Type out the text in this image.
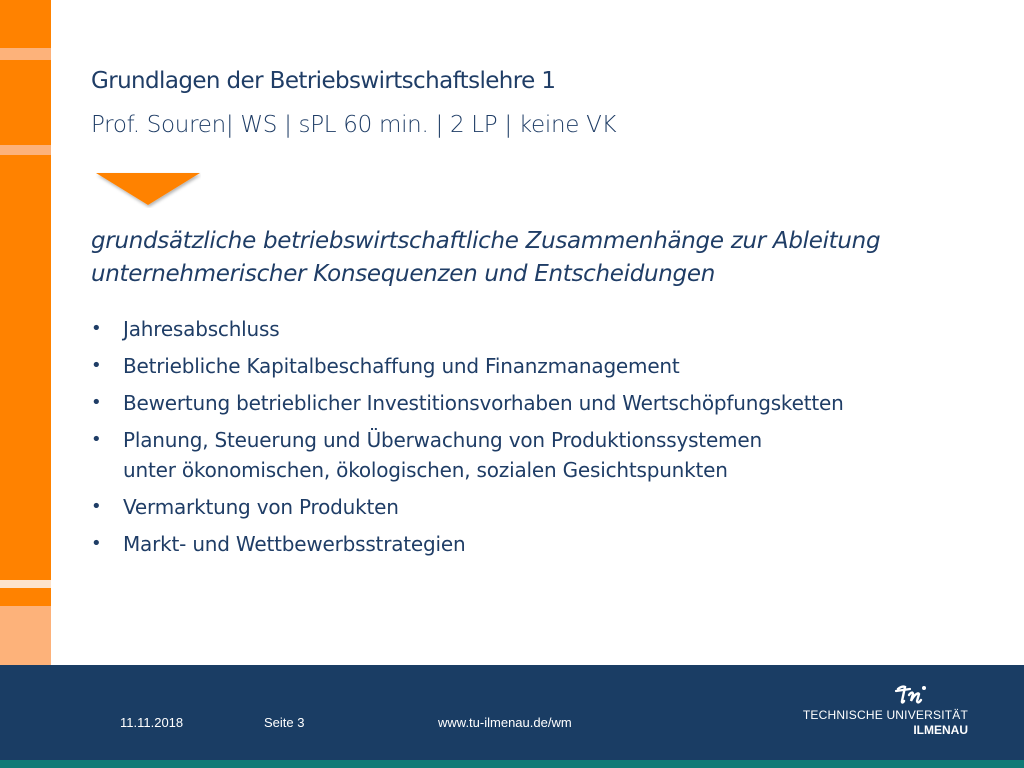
Grundlagen der Betriebswirtschaftslehre 1
Prof. Souren| WS | sPL 60 min. | 2 LP | keine VK
grundsätzliche betriebswirtschaftliche Zusammenhänge zur Ableitung unternehmerischer Konsequenzen und Entscheidungen
• Jahresabschluss
• Betriebliche Kapitalbeschaffung und Finanzmanagement
• Bewertung betrieblicher Investitionsvorhaben und Wertschöpfungsketten
• Planung, Steuerung und Überwachung von Produktionssystemen
unter ökonomischen, ökologischen, sozialen Gesichtspunkten
• Vermarktung von Produkten
• Markt- und Wettbewerbsstrategien
11.11.2018	Seite 3	www.tu-ilmenau.de/wm	TECHNISCHE UNIVERSITÄT
ILMENAU
